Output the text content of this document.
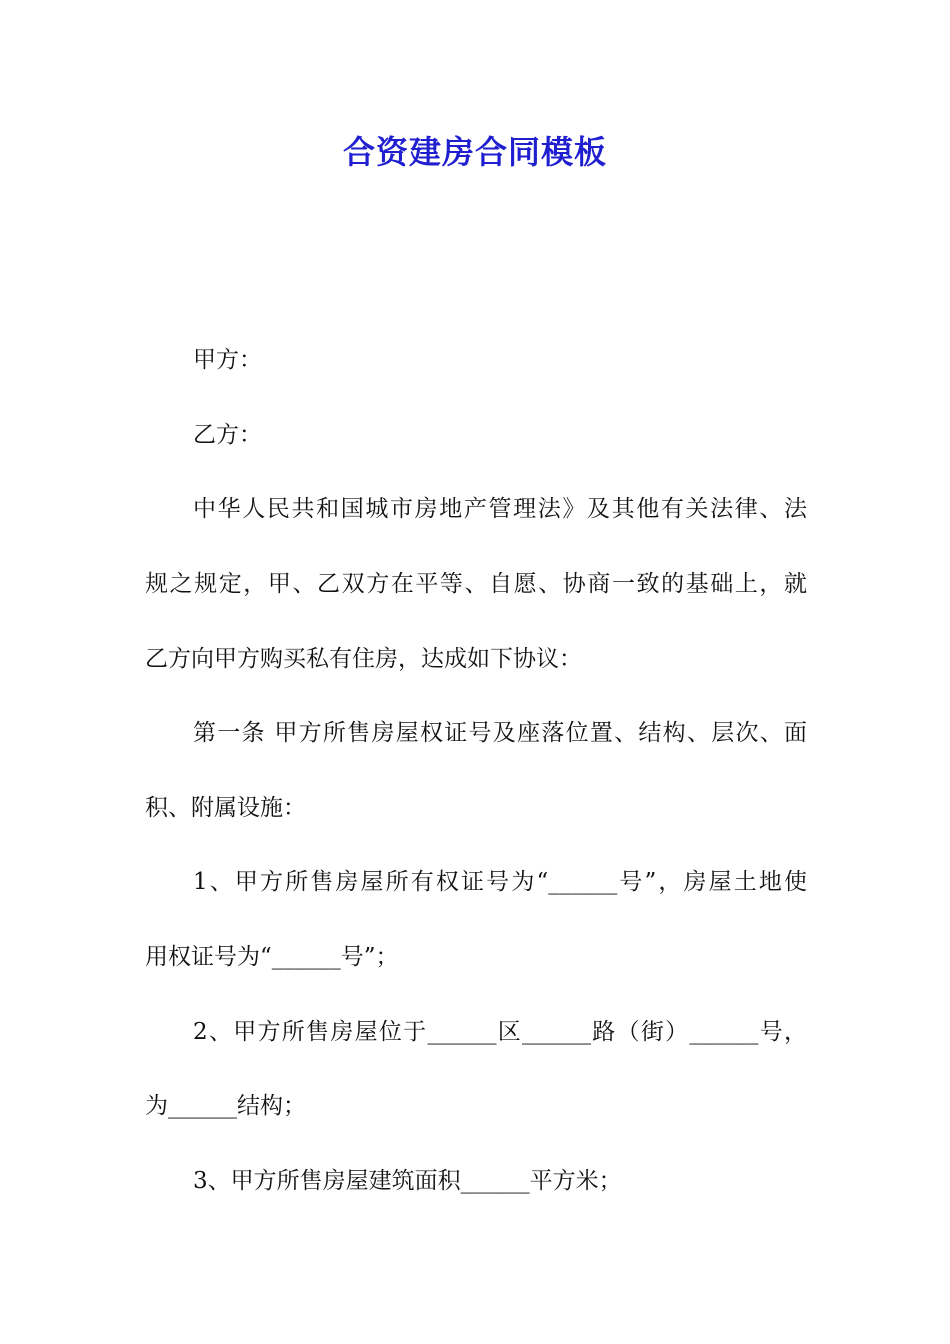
合资建房合同模板
甲方：
乙方：
中华人民共和国城市房地产管理法》及其他有关法律、法
规之规定，甲、乙双方在平等、自愿、协商一致的基础上，就
乙方向甲方购买私有住房，达成如下协议：
第一条 甲方所售房屋权证号及座落位置、结构、层次、面
积、附属设施：
1、甲方所售房屋所有权证号为“______号”，房屋土地使
用权证号为“______号”；
2、甲方所售房屋位于______区______路（街）______号，
为______结构；
3、甲方所售房屋建筑面积______平方米；
